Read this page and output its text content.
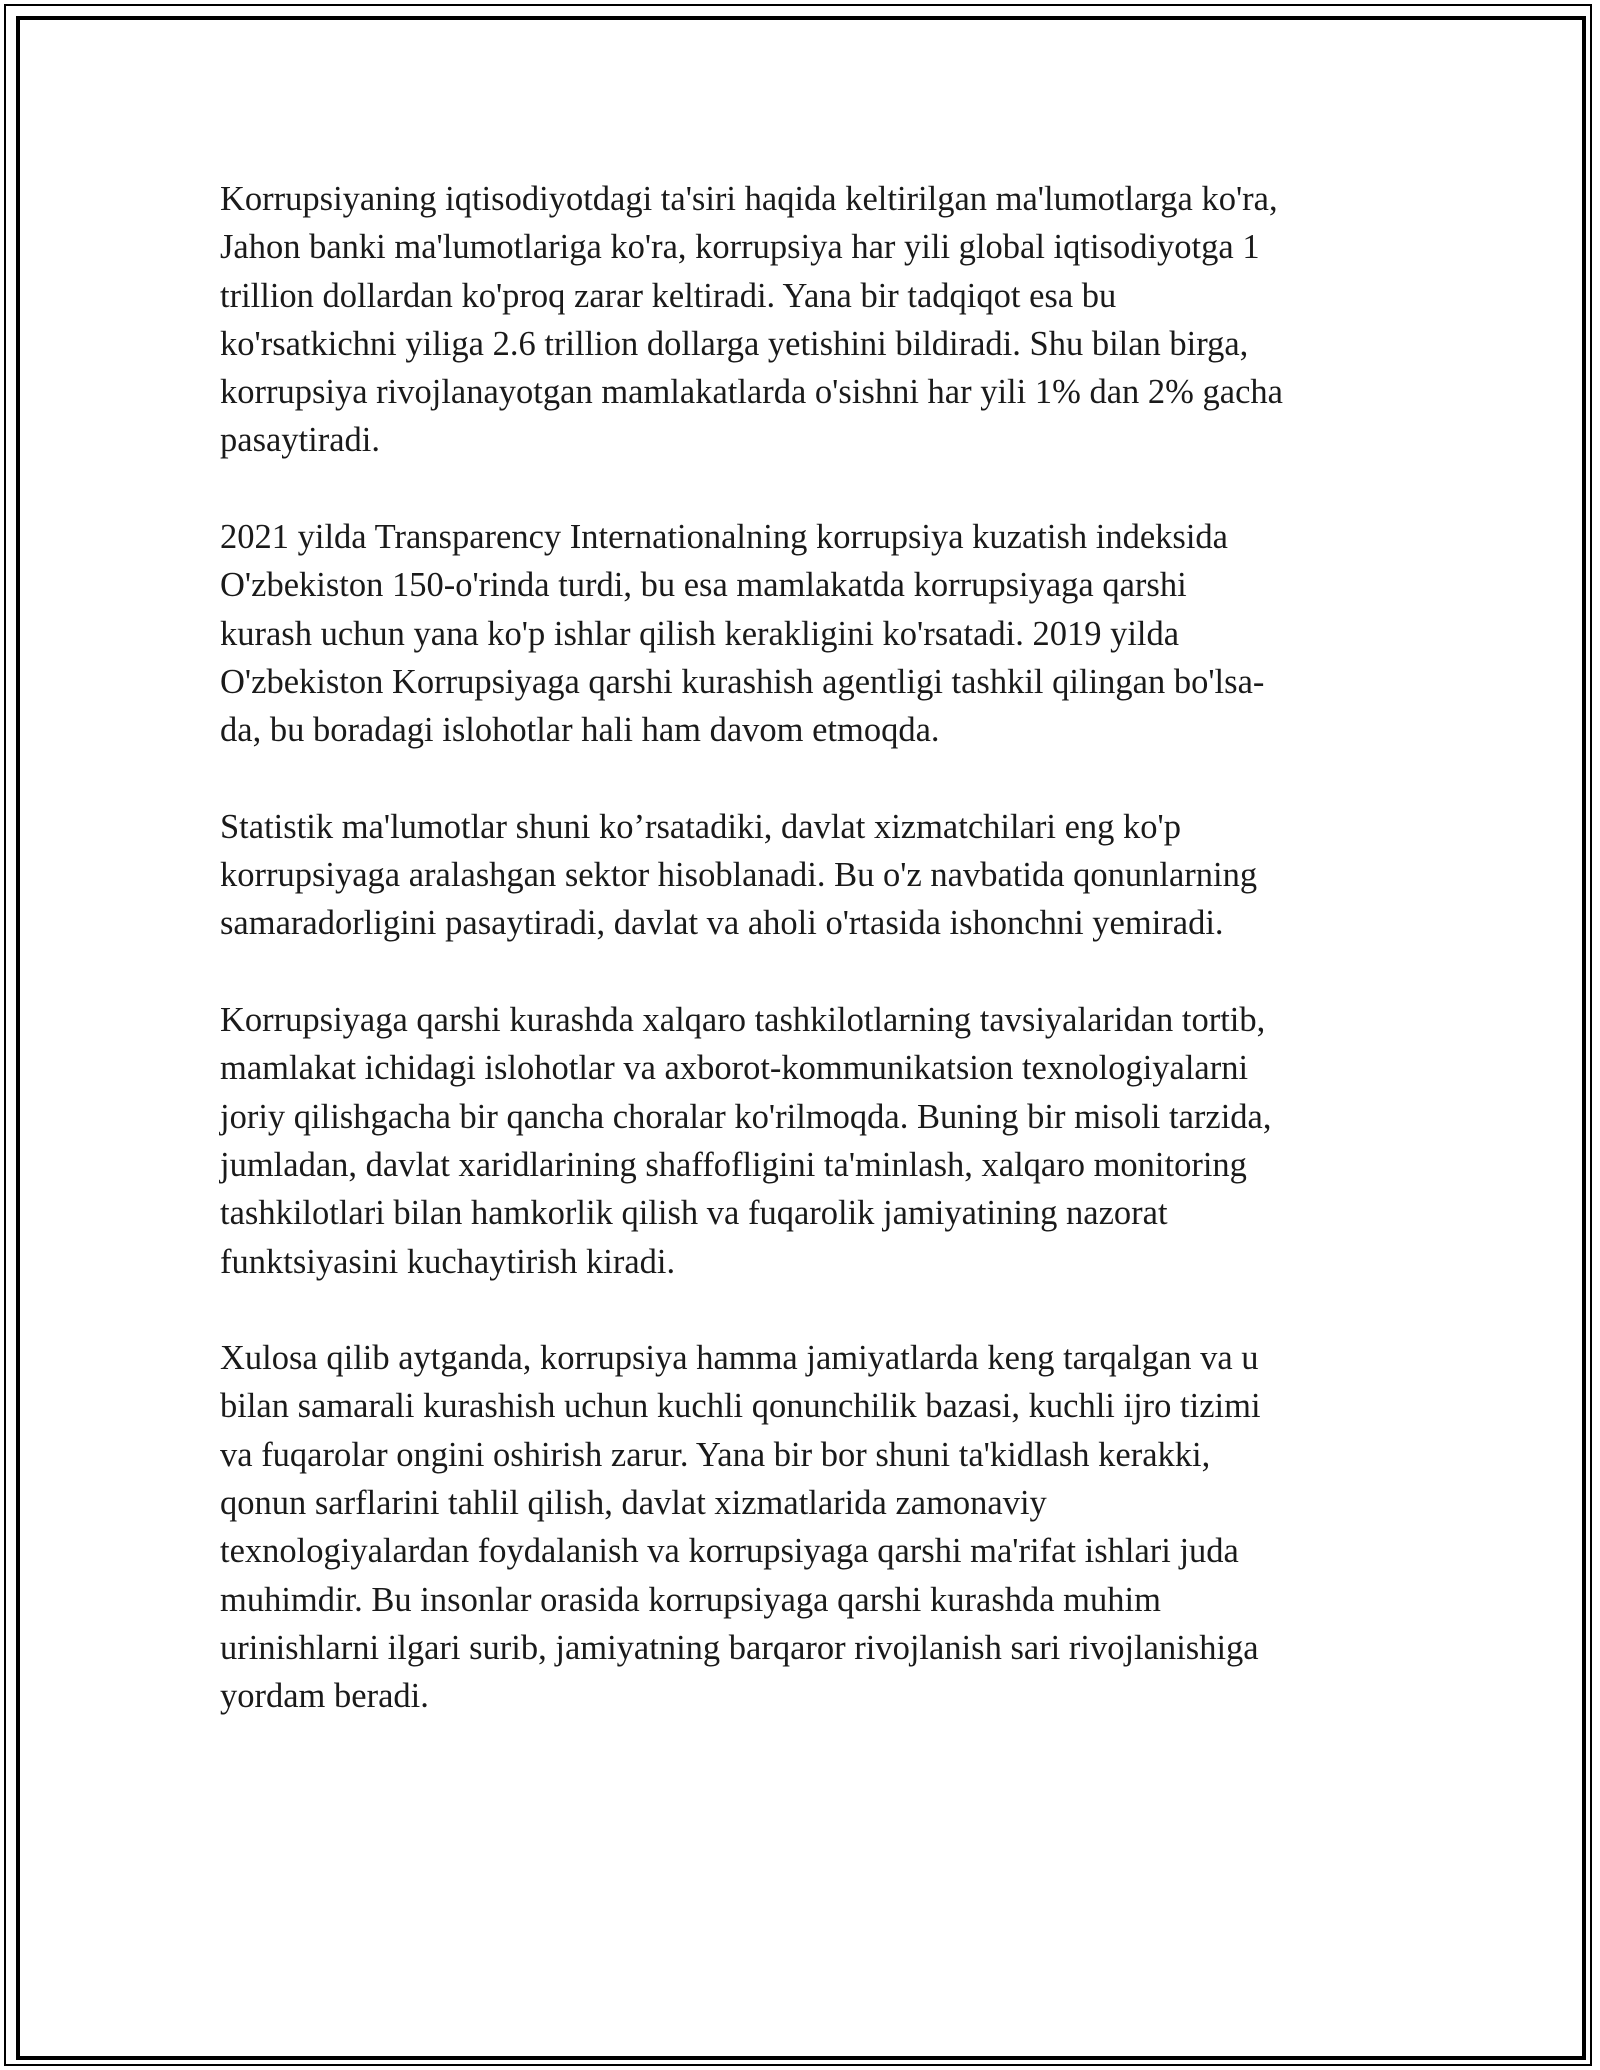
Korrupsiyaning iqtisodiyotdagi ta'siri haqida keltirilgan ma'lumotlarga ko'ra,
Jahon banki ma'lumotlariga ko'ra, korrupsiya har yili global iqtisodiyotga 1
trillion dollardan ko'proq zarar keltiradi. Yana bir tadqiqot esa bu
ko'rsatkichni yiliga 2.6 trillion dollarga yetishini bildiradi. Shu bilan birga,
korrupsiya rivojlanayotgan mamlakatlarda o'sishni har yili 1% dan 2% gacha
pasaytiradi.

2021 yilda Transparency Internationalning korrupsiya kuzatish indeksida
O'zbekiston 150-o'rinda turdi, bu esa mamlakatda korrupsiyaga qarshi
kurash uchun yana ko'p ishlar qilish kerakligini ko'rsatadi. 2019 yilda
O'zbekiston Korrupsiyaga qarshi kurashish agentligi tashkil qilingan bo'lsa-
da, bu boradagi islohotlar hali ham davom etmoqda.

Statistik ma'lumotlar shuni ko’rsatadiki, davlat xizmatchilari eng ko'p
korrupsiyaga aralashgan sektor hisoblanadi. Bu o'z navbatida qonunlarning
samaradorligini pasaytiradi, davlat va aholi o'rtasida ishonchni yemiradi.

Korrupsiyaga qarshi kurashda xalqaro tashkilotlarning tavsiyalaridan tortib,
mamlakat ichidagi islohotlar va axborot-kommunikatsion texnologiyalarni
joriy qilishgacha bir qancha choralar ko'rilmoqda. Buning bir misoli tarzida,
jumladan, davlat xaridlarining shaffofligini ta'minlash, xalqaro monitoring
tashkilotlari bilan hamkorlik qilish va fuqarolik jamiyatining nazorat
funktsiyasini kuchaytirish kiradi.

Xulosa qilib aytganda, korrupsiya hamma jamiyatlarda keng tarqalgan va u
bilan samarali kurashish uchun kuchli qonunchilik bazasi, kuchli ijro tizimi
va fuqarolar ongini oshirish zarur. Yana bir bor shuni ta'kidlash kerakki,
qonun sarflarini tahlil qilish, davlat xizmatlarida zamonaviy
texnologiyalardan foydalanish va korrupsiyaga qarshi ma'rifat ishlari juda
muhimdir. Bu insonlar orasida korrupsiyaga qarshi kurashda muhim
urinishlarni ilgari surib, jamiyatning barqaror rivojlanish sari rivojlanishiga
yordam beradi.
